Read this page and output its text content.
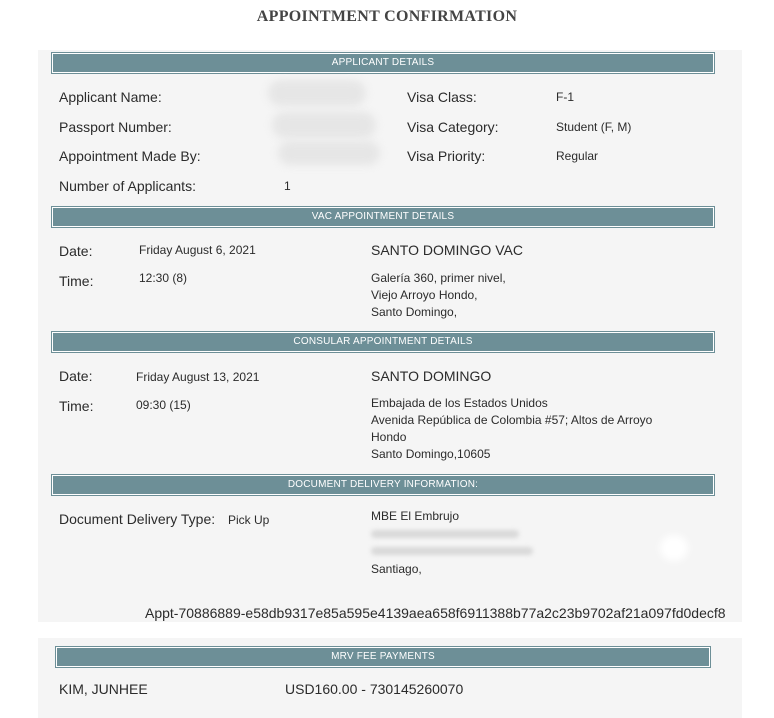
APPOINTMENT CONFIRMATION
APPLICANT DETAILS
Applicant Name:
Passport Number:
Appointment Made By:
Number of Applicants:	1
Visa Class:	F-1
Visa Category:	Student (F, M)
Visa Priority:	Regular
VAC APPOINTMENT DETAILS
Date:	Friday August 6, 2021
Time:	12:30 (8)
SANTO DOMINGO VAC
Galería 360, primer nivel,
Viejo Arroyo Hondo,
Santo Domingo,
CONSULAR APPOINTMENT DETAILS
Date:	Friday August 13, 2021
Time:	09:30 (15)
SANTO DOMINGO
Embajada de los Estados Unidos
Avenida República de Colombia #57; Altos de Arroyo
Hondo
Santo Domingo,10605
DOCUMENT DELIVERY INFORMATION:
Document Delivery Type: Pick Up	MBE El Embrujo
Santiago,
Appt-70886889-e58db9317e85a595e4139aea658f6911388b77a2c23b9702af21a097fd0decf8
MRV FEE PAYMENTS
KIM, JUNHEE	USD160.00 - 730145260070
